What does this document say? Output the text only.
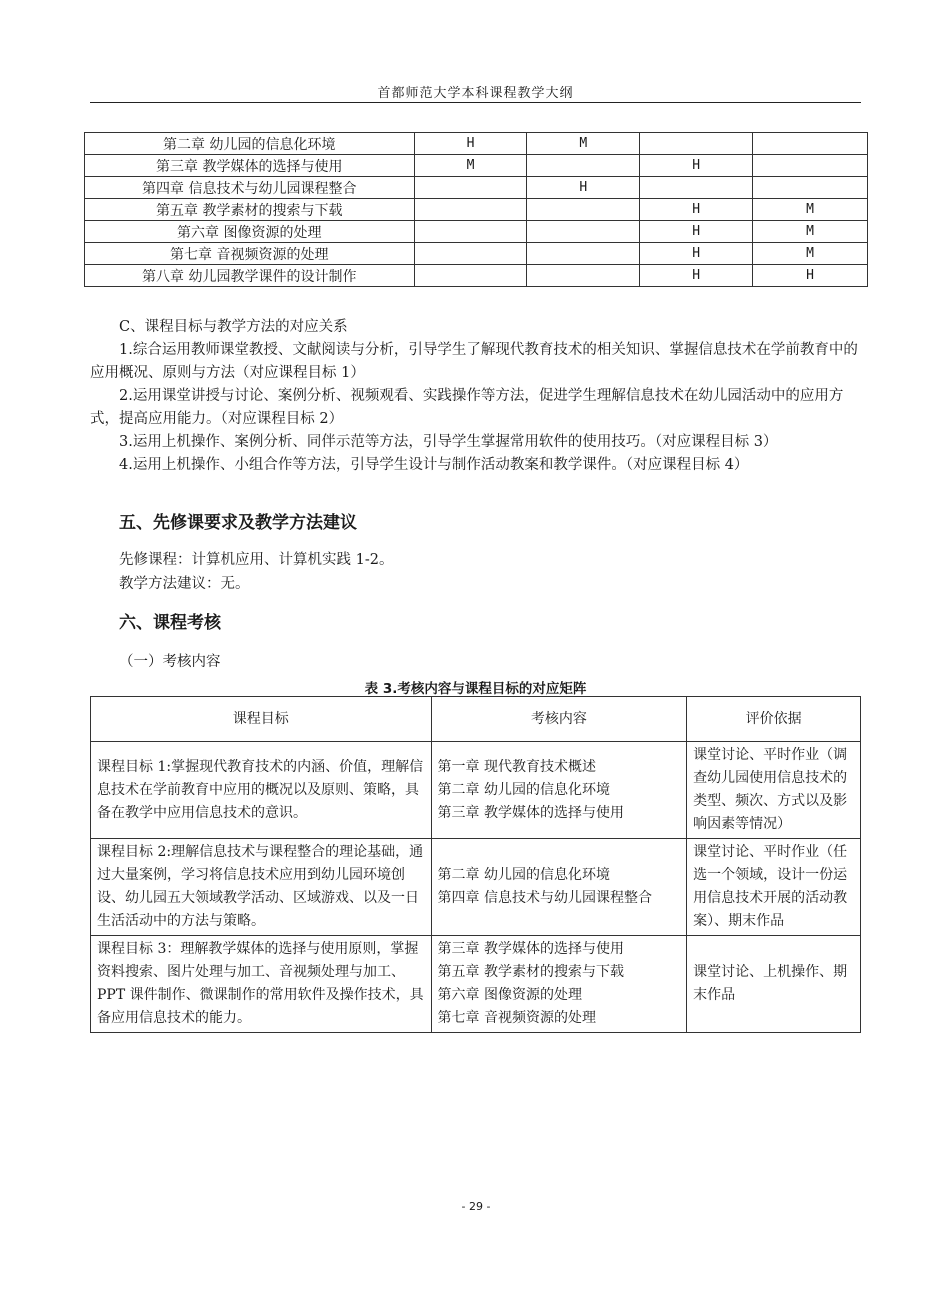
首都师范大学本科课程教学大纲
第二章 幼儿园的信息化环境	H	M		
第三章 教学媒体的选择与使用	M		H	
第四章 信息技术与幼儿园课程整合		H		
第五章 教学素材的搜索与下载			H	M
第六章 图像资源的处理			H	M
第七章 音视频资源的处理			H	M
第八章 幼儿园教学课件的设计制作			H	H

C、课程目标与教学方法的对应关系

1.综合运用教师课堂教授、文献阅读与分析，引导学生了解现代教育技术的相关知识、掌握信息技术在学前教育中的应用概况、原则与方法（对应课程目标 1）

2.运用课堂讲授与讨论、案例分析、视频观看、实践操作等方法，促进学生理解信息技术在幼儿园活动中的应用方式，提高应用能力。（对应课程目标 2）

3.运用上机操作、案例分析、同伴示范等方法，引导学生掌握常用软件的使用技巧。（对应课程目标 3）

4.运用上机操作、小组合作等方法，引导学生设计与制作活动教案和教学课件。（对应课程目标 4）

五、先修课要求及教学方法建议
先修课程：计算机应用、计算机实践 1-2。
教学方法建议：无。
六、课程考核
（一）考核内容
表 3.考核内容与课程目标的对应矩阵
课程目标	考核内容	评价依据
课程目标 1:掌握现代教育技术的内涵、价值，理解信息技术在学前教育中应用的概况以及原则、策略，具备在教学中应用信息技术的意识。	第一章 现代教育技术概述
第二章 幼儿园的信息化环境
第三章 教学媒体的选择与使用	课堂讨论、平时作业（调查幼儿园使用信息技术的类型、频次、方式以及影响因素等情况）
课程目标 2:理解信息技术与课程整合的理论基础，通过大量案例，学习将信息技术应用到幼儿园环境创设、幼儿园五大领域教学活动、区域游戏、以及一日生活活动中的方法与策略。	第二章 幼儿园的信息化环境
第四章 信息技术与幼儿园课程整合	课堂讨论、平时作业（任选一个领域，设计一份运用信息技术开展的活动教案）、期末作品
课程目标 3：理解教学媒体的选择与使用原则，掌握资料搜索、图片处理与加工、音视频处理与加工、PPT 课件制作、微课制作的常用软件及操作技术，具备应用信息技术的能力。	第三章 教学媒体的选择与使用
第五章 教学素材的搜索与下载
第六章 图像资源的处理
第七章 音视频资源的处理	课堂讨论、上机操作、期末作品
- 29 -
